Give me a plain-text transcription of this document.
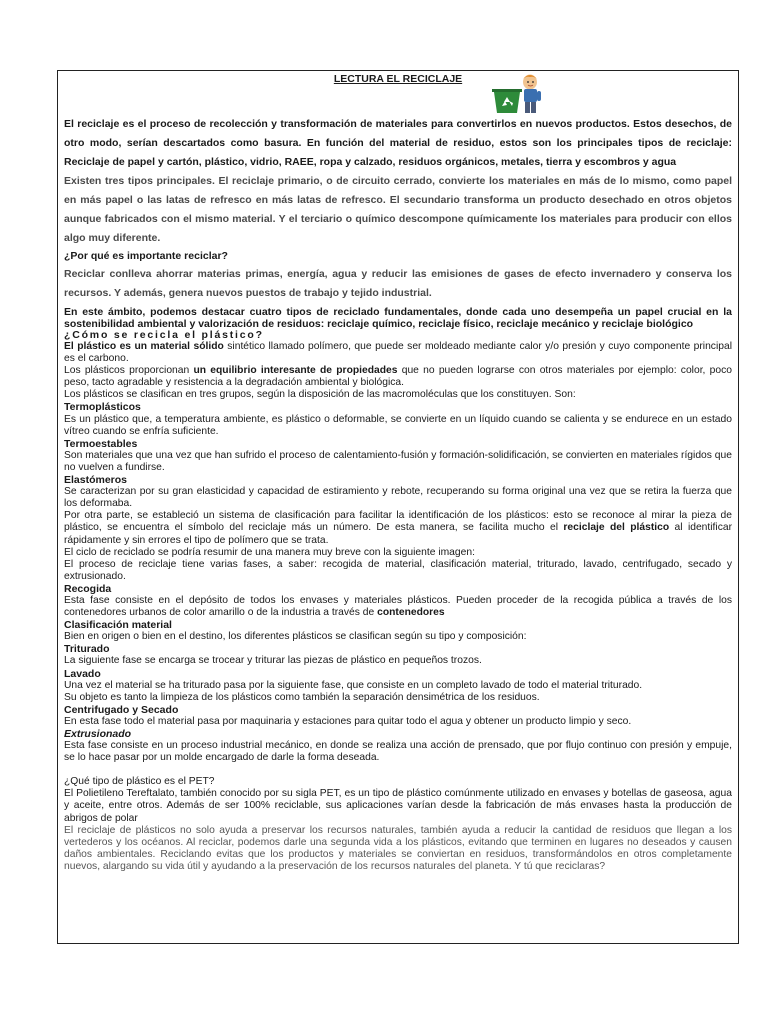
LECTURA EL RECICLAJE

El reciclaje es el proceso de recolección y transformación de materiales para convertirlos en nuevos productos. Estos desechos, de otro modo, serían descartados como basura. En función del material de residuo, estos son los principales tipos de reciclaje: Reciclaje de papel y cartón, plástico, vidrio, RAEE, ropa y calzado, residuos orgánicos, metales, tierra y escombros y agua

Existen tres tipos principales. El reciclaje primario, o de circuito cerrado, convierte los materiales en más de lo mismo, como papel en más papel o las latas de refresco en más latas de refresco. El secundario transforma un producto desechado en otros objetos aunque fabricados con el mismo material. Y el terciario o químico descompone químicamente los materiales para producir con ellos algo muy diferente.

¿Por qué es importante reciclar?

Reciclar conlleva ahorrar materias primas, energía, agua y reducir las emisiones de gases de efecto invernadero y conserva los recursos. Y además, genera nuevos puestos de trabajo y tejido industrial.

En este ámbito, podemos destacar cuatro tipos de reciclado fundamentales, donde cada uno desempeña un papel crucial en la sostenibilidad ambiental y valorización de residuos: reciclaje químico, reciclaje físico, reciclaje mecánico y reciclaje biológico

¿Cómo se recicla el plástico?

El plástico es un material sólido sintético llamado polímero, que puede ser moldeado mediante calor y/o presión y cuyo componente principal es el carbono.

Los plásticos proporcionan un equilibrio interesante de propiedades que no pueden lograrse con otros materiales por ejemplo: color, poco peso, tacto agradable y resistencia a la degradación ambiental y biológica.

Los plásticos se clasifican en tres grupos, según la disposición de las macromoléculas que los constituyen. Son:

Termoplásticos

Es un plástico que, a temperatura ambiente, es plástico o deformable, se convierte en un líquido cuando se calienta y se endurece en un estado vítreo cuando se enfría suficiente.

Termoestables

Son materiales que una vez que han sufrido el proceso de calentamiento-fusión y formación-solidificación, se convierten en materiales rígidos que no vuelven a fundirse.

Elastómeros

Se caracterizan por su gran elasticidad y capacidad de estiramiento y rebote, recuperando su forma original una vez que se retira la fuerza que los deformaba.

Por otra parte, se estableció un sistema de clasificación para facilitar la identificación de los plásticos: esto se reconoce al mirar la pieza de plástico, se encuentra el símbolo del reciclaje más un número. De esta manera, se facilita mucho el reciclaje del plástico al identificar rápidamente y sin errores el tipo de polímero que se trata.

El ciclo de reciclado se podría resumir de una manera muy breve con la siguiente imagen:

El proceso de reciclaje tiene varias fases, a saber: recogida de material, clasificación material, triturado, lavado, centrifugado, secado y extrusionado.

Recogida

Esta fase consiste en el depósito de todos los envases y materiales plásticos. Pueden proceder de la recogida pública a través de los contenedores urbanos de color amarillo o de la industria a través de contenedores

Clasificación material

Bien en origen o bien en el destino, los diferentes plásticos se clasifican según su tipo y composición:

Triturado

La siguiente fase se encarga se trocear y triturar las piezas de plástico en pequeños trozos.

Lavado

Una vez el material se ha triturado pasa por la siguiente fase, que consiste en un completo lavado de todo el material triturado.

Su objeto es tanto la limpieza de los plásticos como también la separación densimétrica de los residuos.

Centrifugado y Secado

En esta fase todo el material pasa por maquinaria y estaciones para quitar todo el agua y obtener un producto limpio y seco.

Extrusionado

Esta fase consiste en un proceso industrial mecánico, en donde se realiza una acción de prensado, que por flujo continuo con presión y empuje, se lo hace pasar por un molde encargado de darle la forma deseada.

¿Qué tipo de plástico es el PET?

El Polietileno Tereftalato, también conocido por su sigla PET, es un tipo de plástico comúnmente utilizado en envases y botellas de gaseosa, agua y aceite, entre otros. Además de ser 100% reciclable, sus aplicaciones varían desde la fabricación de más envases hasta la producción de abrigos de polar

El reciclaje de plásticos no solo ayuda a preservar los recursos naturales, también ayuda a reducir la cantidad de residuos que llegan a los vertederos y los océanos. Al reciclar, podemos darle una segunda vida a los plásticos, evitando que terminen en lugares no deseados y causen daños ambientales. Reciclando evitas que los productos y materiales se conviertan en residuos, transformándolos en otros completamente nuevos, alargando su vida útil y ayudando a la preservación de los recursos naturales del planeta. Y tú que reciclaras?
